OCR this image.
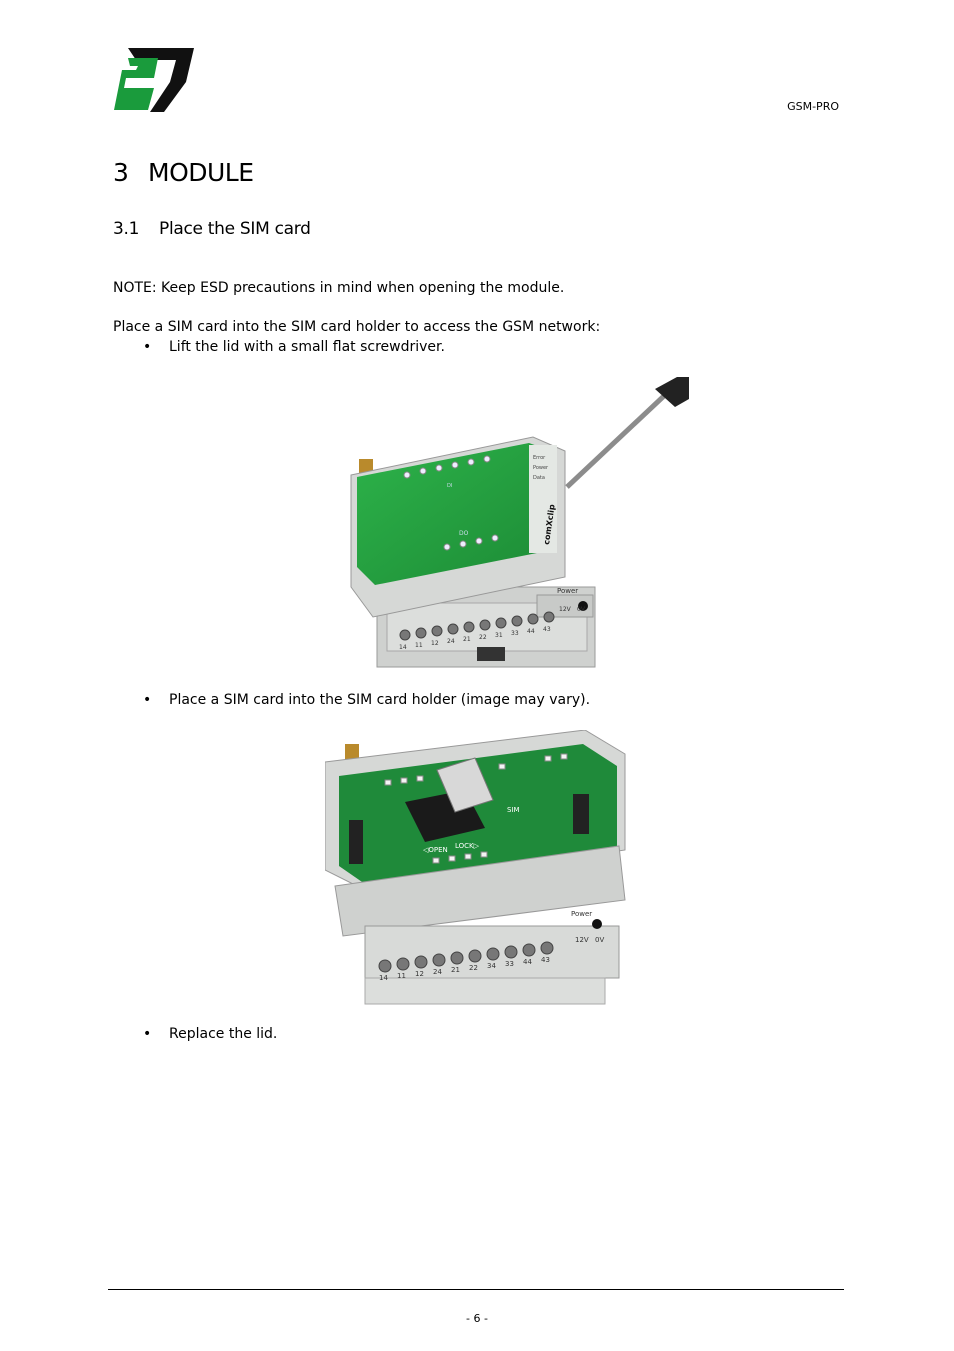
GSM-PRO
3 MODULE
3.1 Place the SIM card

NOTE: Keep ESD precautions in mind when opening the module.

Place a SIM card into the SIM card holder to access the GSM network:

• Lift the lid with a small flat screwdriver.
Power
Error
Power
Data
comXclip
DI
DO
14 11 12 24 21 22 31 33 44 43
12V 0V
• Place a SIM card into the SIM card holder (image may vary).
SIM
◁OPEN LOCK▷
Power
14 11 12 24 21 22 34 33 44 43
12V 0V
• Replace the lid.
- 6 -
